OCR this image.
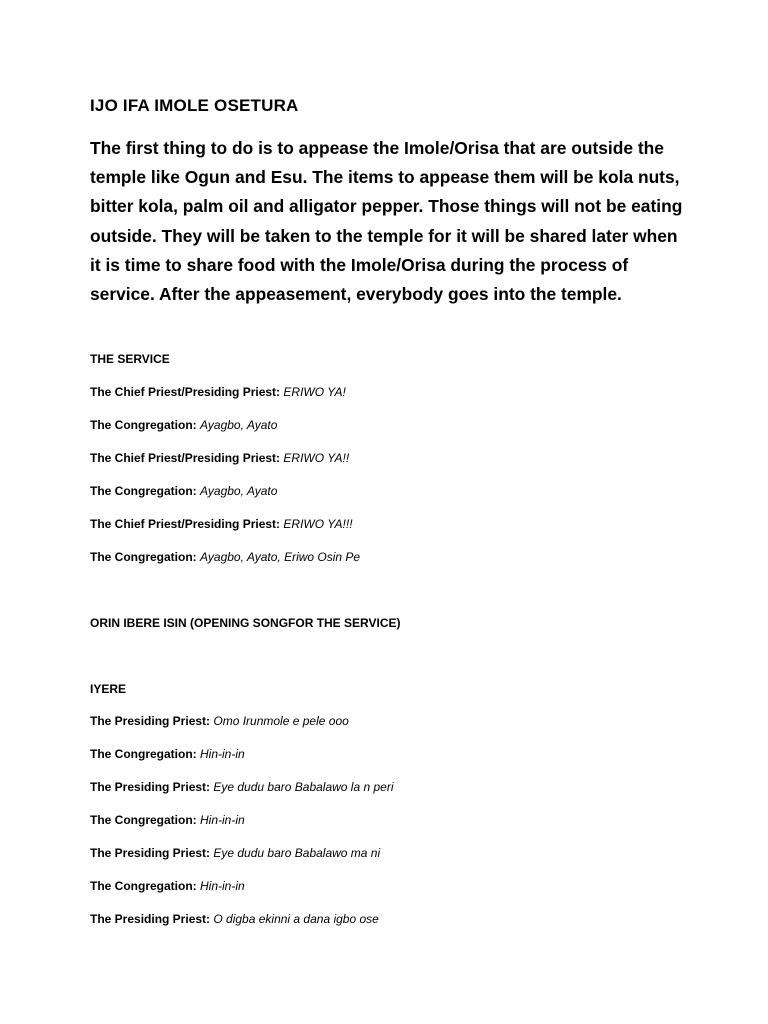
IJO IFA IMOLE OSETURA

The first thing to do is to appease the Imole/Orisa that are outside the temple like Ogun and Esu. The items to appease them will be kola nuts, bitter kola, palm oil and alligator pepper. Those things will not be eating outside. They will be taken to the temple for it will be shared later when it is time to share food with the Imole/Orisa during the process of service. After the appeasement, everybody goes into the temple.

THE SERVICE
The Chief Priest/Presiding Priest: ERIWO YA!
The Congregation: Ayagbo, Ayato
The Chief Priest/Presiding Priest: ERIWO YA!!
The Congregation: Ayagbo, Ayato
The Chief Priest/Presiding Priest: ERIWO YA!!!
The Congregation: Ayagbo, Ayato, Eriwo Osin Pe
ORIN IBERE ISIN (OPENING SONGFOR THE SERVICE)
IYERE
The Presiding Priest: Omo Irunmole e pele ooo
The Congregation: Hin-in-in
The Presiding Priest: Eye dudu baro Babalawo la n peri
The Congregation: Hin-in-in
The Presiding Priest: Eye dudu baro Babalawo ma ni
The Congregation: Hin-in-in
The Presiding Priest: O digba ekinni a dana igbo ose
